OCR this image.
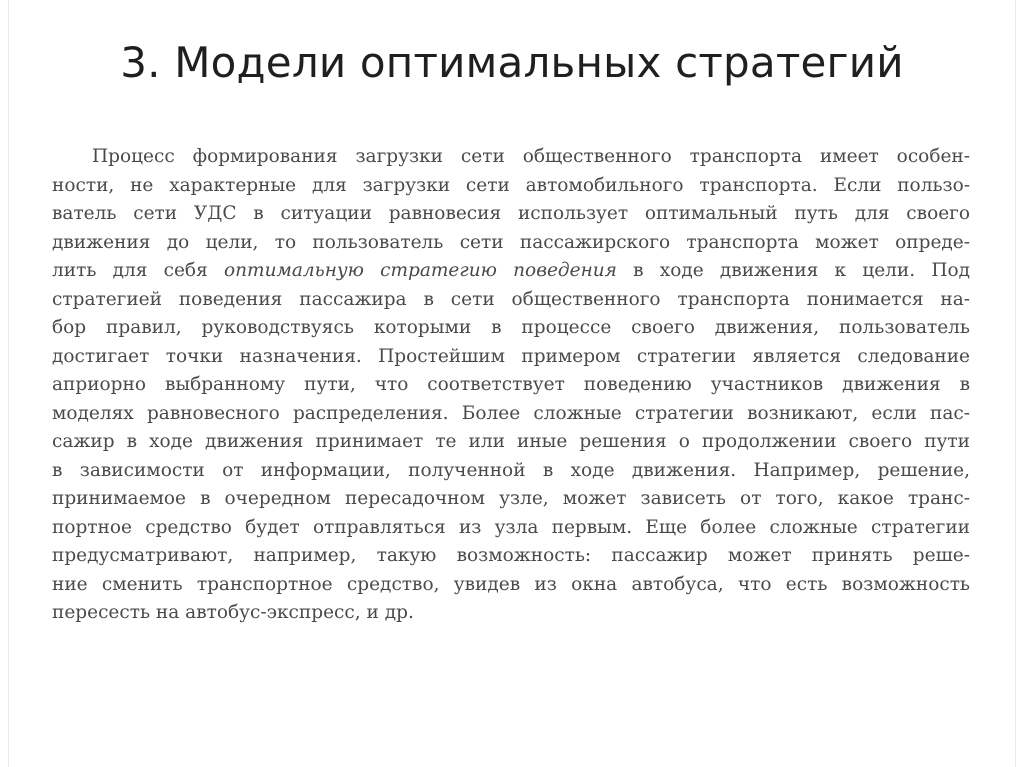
3. Модели оптимальных стратегий
Процесс формирования загрузки сети общественного транспорта имеет особен-
ности, не характерные для загрузки сети автомобильного транспорта. Если пользо-
ватель сети УДС в ситуации равновесия использует оптимальный путь для своего
движения до цели, то пользователь сети пассажирского транспорта может опреде-
лить для себя оптимальную стратегию поведения в ходе движения к цели. Под
стратегией поведения пассажира в сети общественного транспорта понимается на-
бор правил, руководствуясь которыми в процессе своего движения, пользователь
достигает точки назначения. Простейшим примером стратегии является следование
априорно выбранному пути, что соответствует поведению участников движения в
моделях равновесного распределения. Более сложные стратегии возникают, если пас-
сажир в ходе движения принимает те или иные решения о продолжении своего пути
в зависимости от информации, полученной в ходе движения. Например, решение,
принимаемое в очередном пересадочном узле, может зависеть от того, какое транс-
портное средство будет отправляться из узла первым. Еще более сложные стратегии
предусматривают, например, такую возможность: пассажир может принять реше-
ние сменить транспортное средство, увидев из окна автобуса, что есть возможность
пересесть на автобус-экспресс, и др.
